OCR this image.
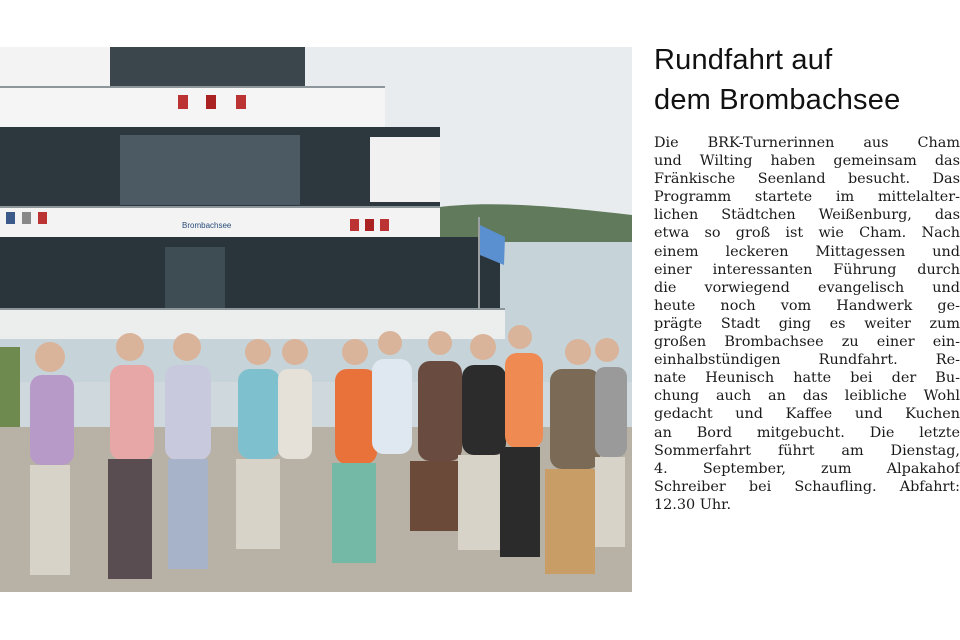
Brombachsee
Rundfahrt auf
dem Brombachsee
Die BRK-Turnerinnen aus Cham
und Wilting haben gemeinsam das
Fränkische Seenland besucht. Das
Programm startete im mittelalter-
lichen Städtchen Weißenburg, das
etwa so groß ist wie Cham. Nach
einem leckeren Mittagessen und
einer interessanten Führung durch
die vorwiegend evangelisch und
heute noch vom Handwerk ge-
prägte Stadt ging es weiter zum
großen Brombachsee zu einer ein-
einhalbstündigen Rundfahrt. Re-
nate Heunisch hatte bei der Bu-
chung auch an das leibliche Wohl
gedacht und Kaffee und Kuchen
an Bord mitgebucht. Die letzte
Sommerfahrt führt am Dienstag,
4. September, zum Alpakahof
Schreiber bei Schaufling. Abfahrt:
12.30 Uhr.
